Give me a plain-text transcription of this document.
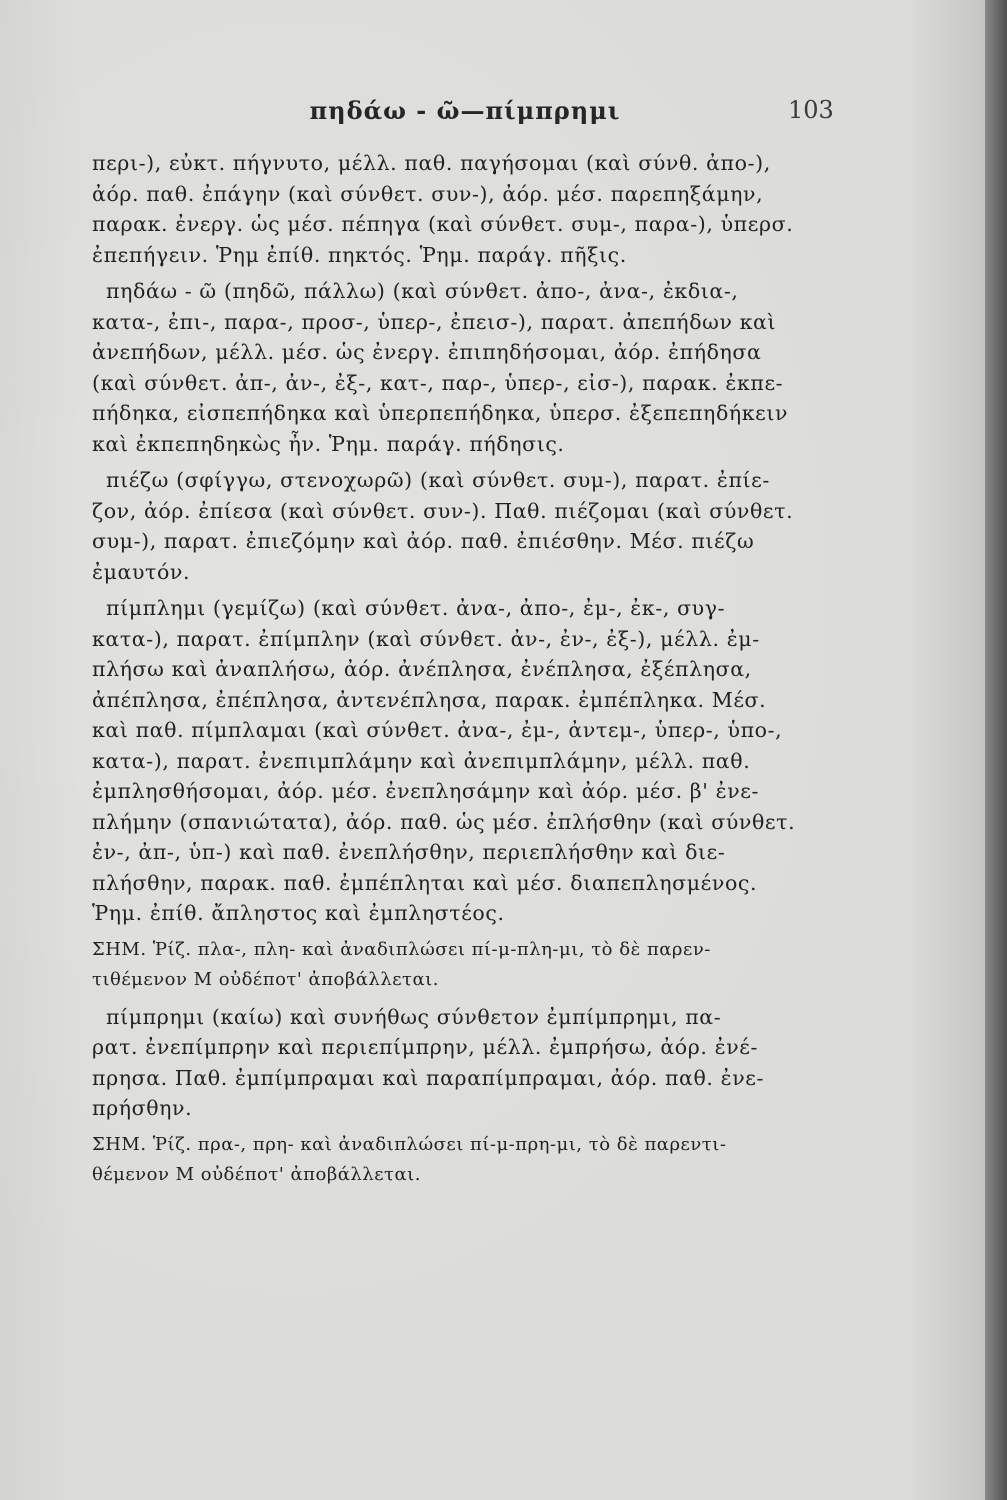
πηδάω - ῶ—πίμπρημι	103
περι-), εὐκτ. πήγνυτο, μέλλ. παθ. παγήσομαι (καὶ σύνθ. ἀπο-),
ἀόρ. παθ. ἐπάγην (καὶ σύνθετ. συν-), ἀόρ. μέσ. παρεπηξάμην,
παρακ. ἐνεργ. ὡς μέσ. πέπηγα (καὶ σύνθετ. συμ-, παρα-), ὑπερσ.
ἐπεπήγειν. Ῥημ ἐπίθ. πηκτός. Ῥημ. παράγ. πῆξις.
πηδάω - ῶ (πηδῶ, πάλλω) (καὶ σύνθετ. ἀπο-, ἀνα-, ἐκδια-,
κατα-, ἐπι-, παρα-, προσ-, ὑπερ-, ἐπεισ-), παρατ. ἀπεπήδων καὶ
ἀνεπήδων, μέλλ. μέσ. ὡς ἐνεργ. ἐπιπηδήσομαι, ἀόρ. ἐπήδησα
(καὶ σύνθετ. ἀπ-, ἀν-, ἐξ-, κατ-, παρ-, ὑπερ-, εἰσ-), παρακ. ἐκπε-
πήδηκα, εἰσπεπήδηκα καὶ ὑπερπεπήδηκα, ὑπερσ. ἐξεπεπηδήκειν
καὶ ἐκπεπηδηκὼς ἦν. Ῥημ. παράγ. πήδησις.
πιέζω (σφίγγω, στενοχωρῶ) (καὶ σύνθετ. συμ-), παρατ. ἐπίε-
ζον, ἀόρ. ἐπίεσα (καὶ σύνθετ. συν-). Παθ. πιέζομαι (καὶ σύνθετ.
συμ-), παρατ. ἐπιεζόμην καὶ ἀόρ. παθ. ἐπιέσθην. Μέσ. πιέζω
ἐμαυτόν.
πίμπλημι (γεμίζω) (καὶ σύνθετ. ἀνα-, ἀπο-, ἐμ-, ἐκ-, συγ-
κατα-), παρατ. ἐπίμπλην (καὶ σύνθετ. ἀν-, ἐν-, ἐξ-), μέλλ. ἐμ-
πλήσω καὶ ἀναπλήσω, ἀόρ. ἀνέπλησα, ἐνέπλησα, ἐξέπλησα,
ἀπέπλησα, ἐπέπλησα, ἀντενέπλησα, παρακ. ἐμπέπληκα. Μέσ.
καὶ παθ. πίμπλαμαι (καὶ σύνθετ. ἀνα-, ἐμ-, ἀντεμ-, ὑπερ-, ὑπο-,
κατα-), παρατ. ἐνεπιμπλάμην καὶ ἀνεπιμπλάμην, μέλλ. παθ.
ἐμπλησθήσομαι, ἀόρ. μέσ. ἐνεπλησάμην καὶ ἀόρ. μέσ. β' ἐνε-
πλήμην (σπανιώτατα), ἀόρ. παθ. ὡς μέσ. ἐπλήσθην (καὶ σύνθετ.
ἐν-, ἀπ-, ὑπ-) καὶ παθ. ἐνεπλήσθην, περιεπλήσθην καὶ διε-
πλήσθην, παρακ. παθ. ἐμπέπληται καὶ μέσ. διαπεπλησμένος.
Ῥημ. ἐπίθ. ἄπληστος καὶ ἐμπληστέος.
ΣΗΜ. Ῥίζ. πλα-, πλη- καὶ ἀναδιπλώσει πί-μ-πλη-μι, τὸ δὲ παρεν-
τιθέμενον Μ οὐδέποτ' ἀποβάλλεται.
πίμπρημι (καίω) καὶ συνήθως σύνθετον ἐμπίμπρημι, πα-
ρατ. ἐνεπίμπρην καὶ περιεπίμπρην, μέλλ. ἐμπρήσω, ἀόρ. ἐνέ-
πρησα. Παθ. ἐμπίμπραμαι καὶ παραπίμπραμαι, ἀόρ. παθ. ἐνε-
πρήσθην.
ΣΗΜ. Ῥίζ. πρα-, πρη- καὶ ἀναδιπλώσει πί-μ-πρη-μι, τὸ δὲ παρεντι-
θέμενον Μ οὐδέποτ' ἀποβάλλεται.
